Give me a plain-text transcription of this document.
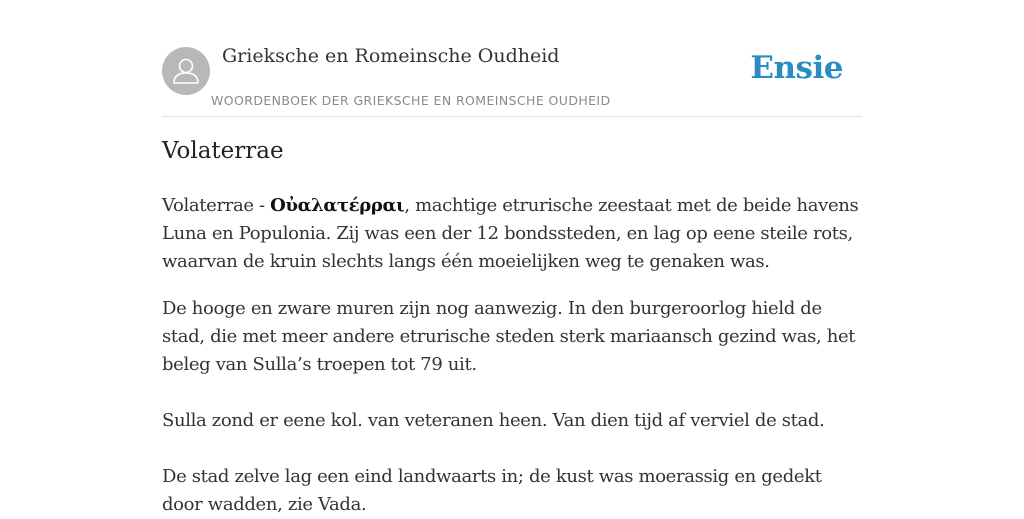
Grieksche en Romeinsche Oudheid
WOORDENBOEK DER GRIEKSCHE EN ROMEINSCHE OUDHEID
Ensie
Volaterrae

Volaterrae - Οὐαλατέρραι, machtige etrurische zeestaat met de beide havens Luna en Populonia. Zij was een der 12 bondssteden, en lag op eene steile rots, waarvan de kruin slechts langs één moeielijken weg te genaken was.

De hooge en zware muren zijn nog aanwezig. In den burgeroorlog hield de stad, die met meer andere etrurische steden sterk mariaansch gezind was, het beleg van Sulla’s troepen tot 79 uit.

Sulla zond er eene kol. van veteranen heen. Van dien tijd af verviel de stad.

De stad zelve lag een eind landwaarts in; de kust was moerassig en gedekt door wadden, zie Vada.
